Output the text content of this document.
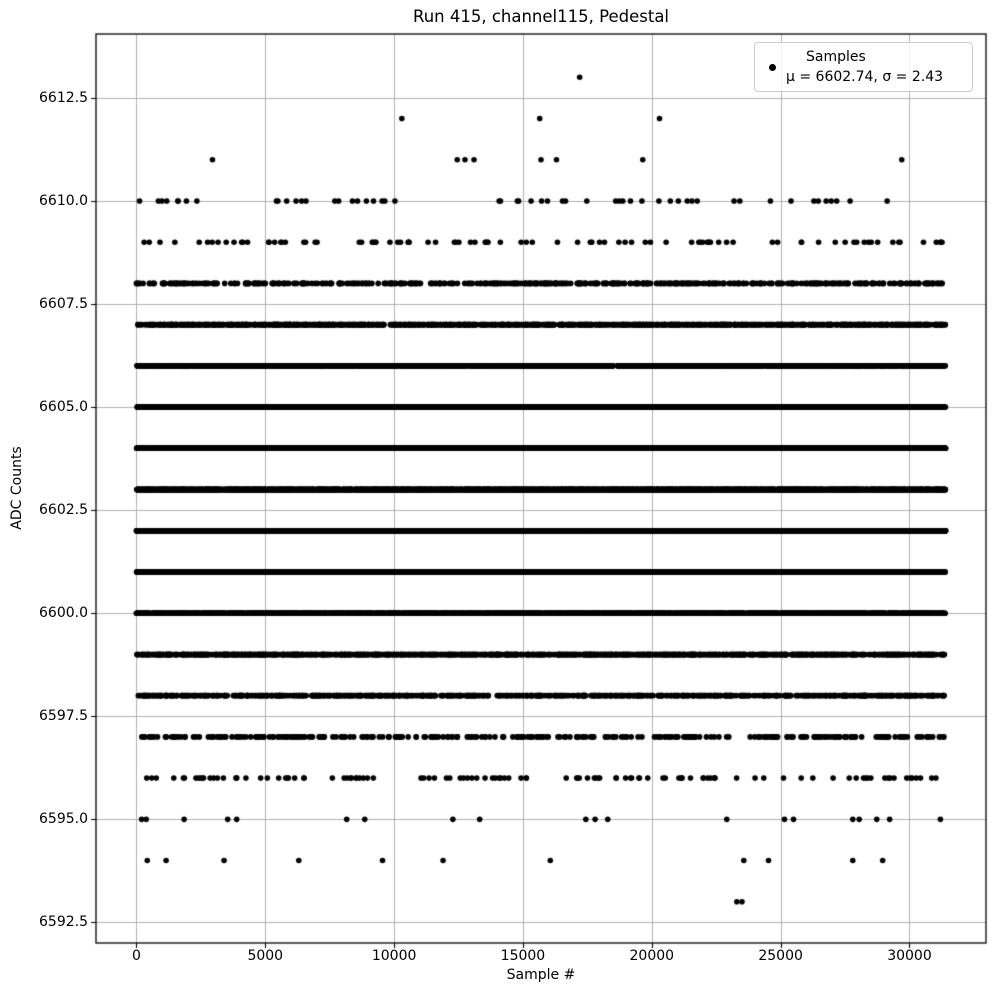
Run 415, channel115, Pedestal
6592.5
6595.0
6597.5
6600.0
6602.5
6605.0
6607.5
6610.0
6612.5
0	5000	10000	15000	20000	25000	30000
ADC Counts
Sample #
Samples
μ = 6602.74, σ = 2.43
